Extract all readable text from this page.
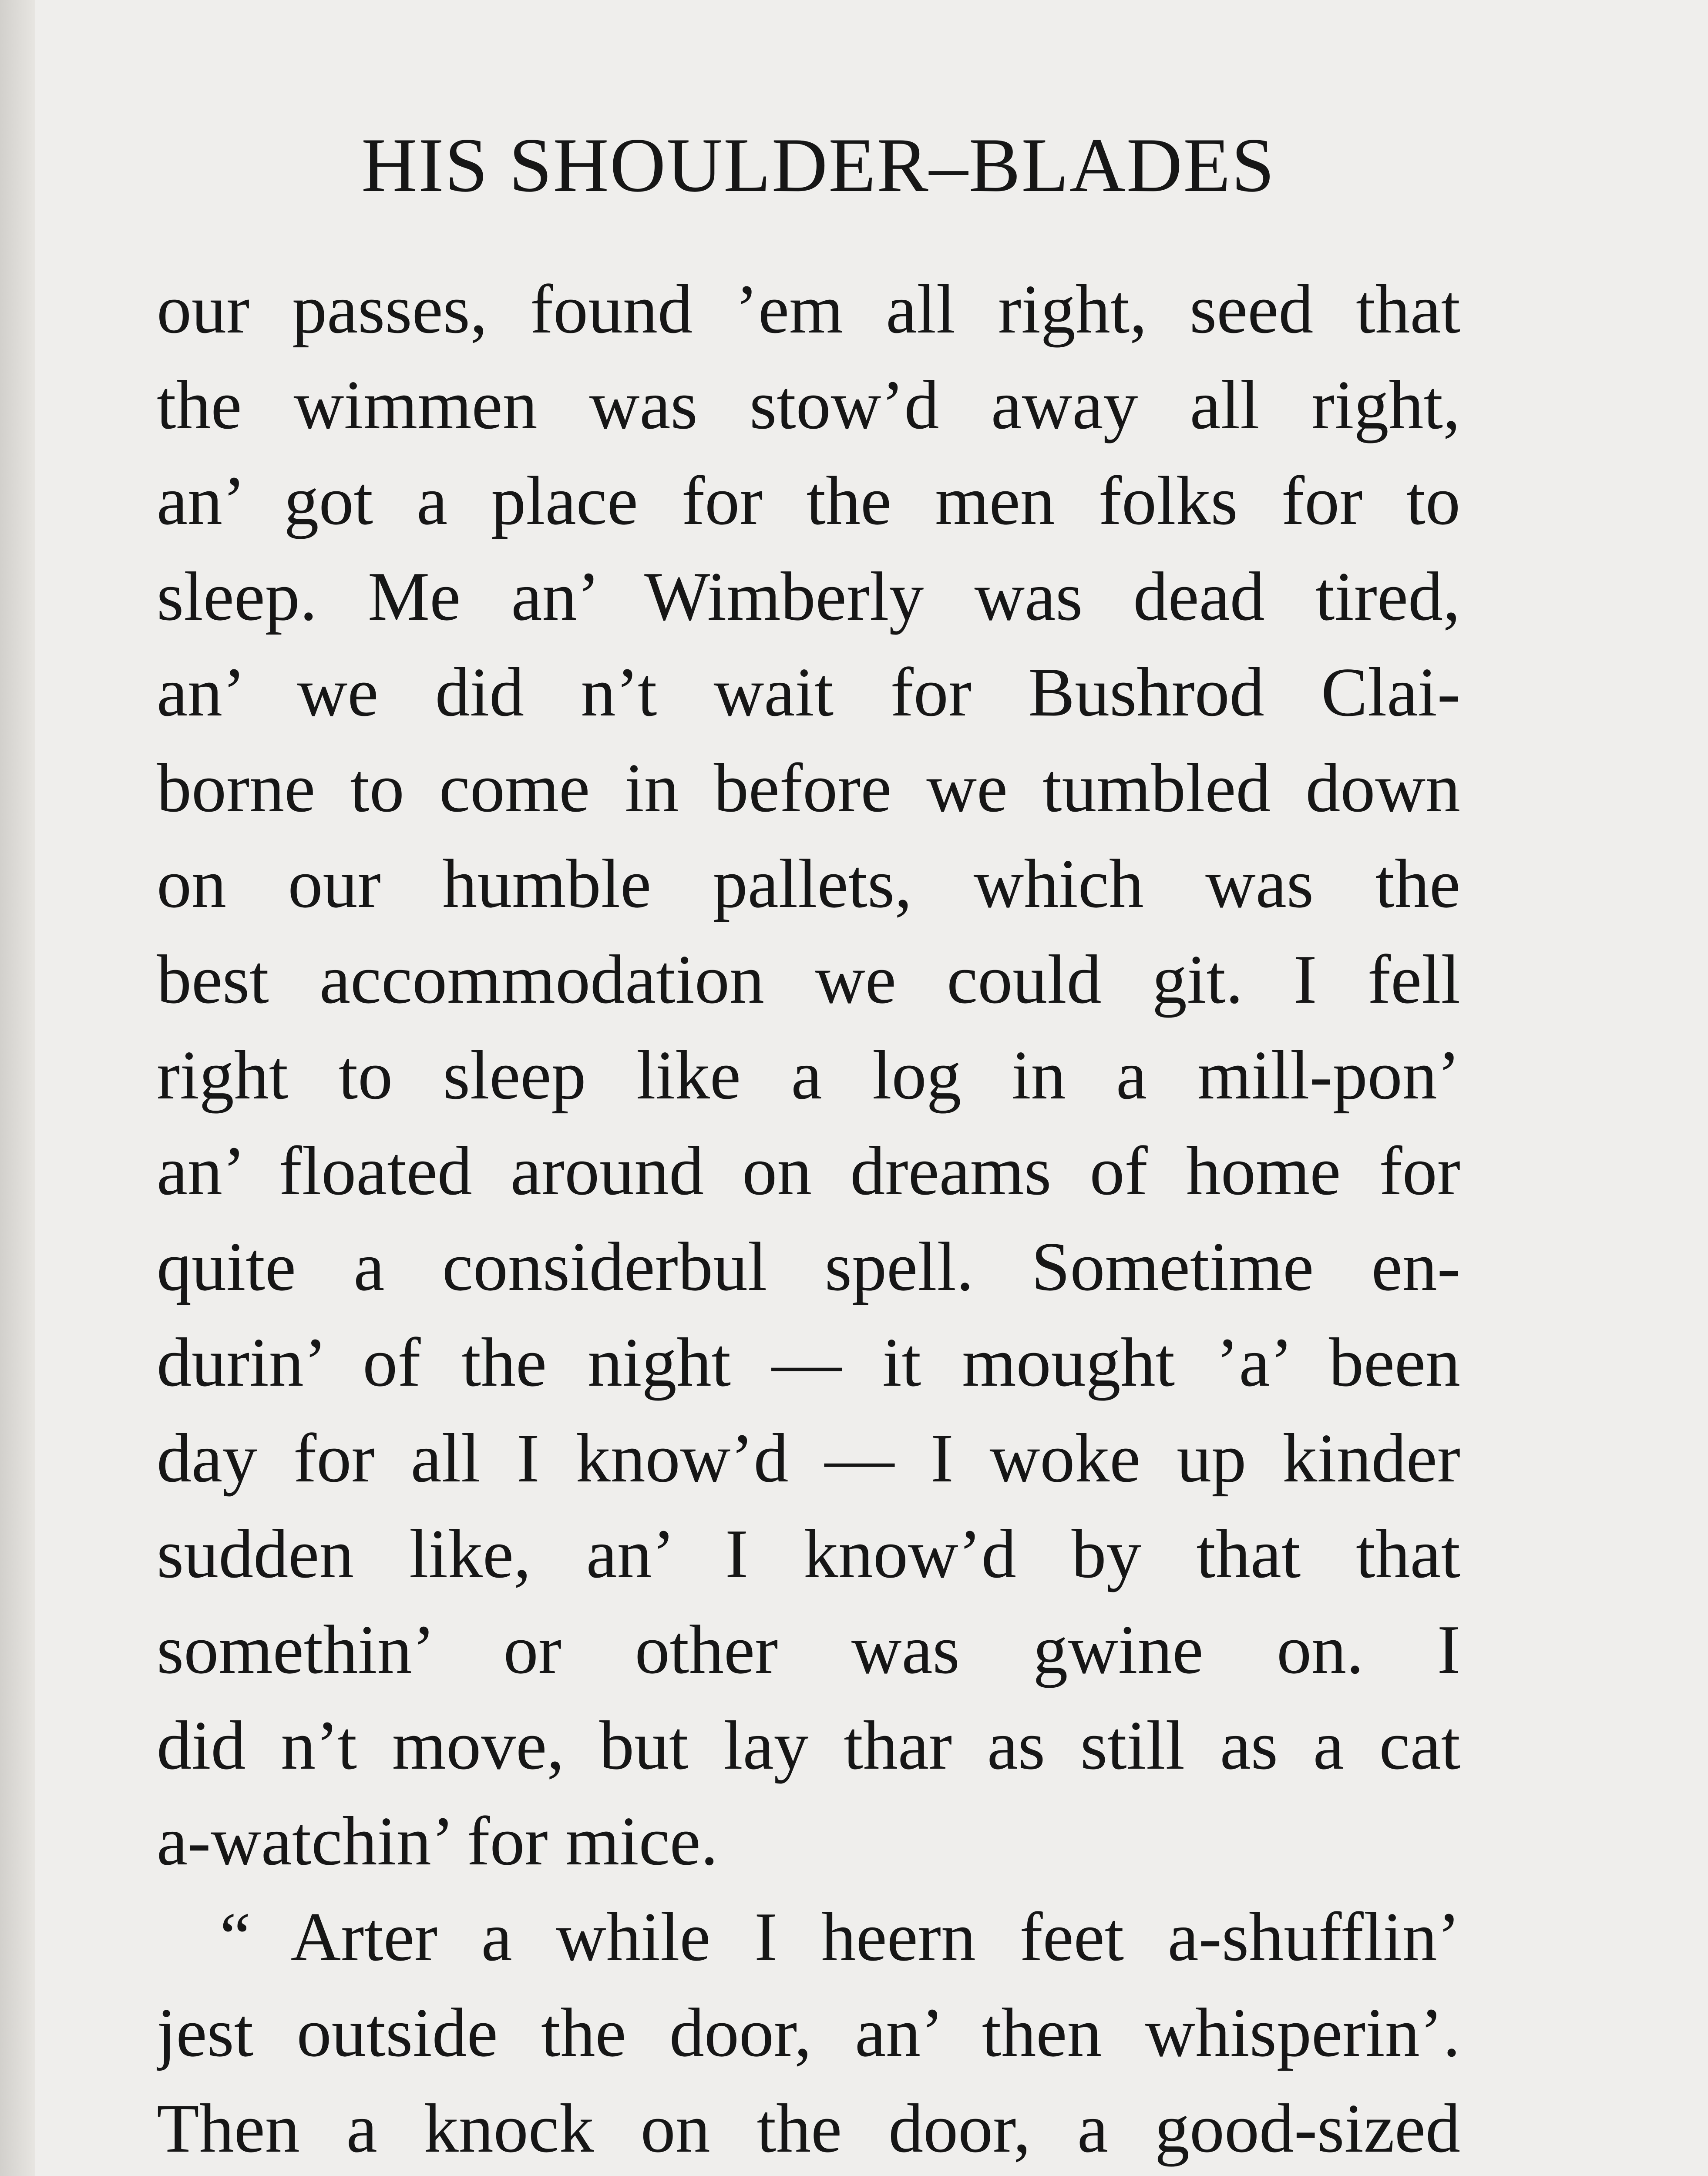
HIS SHOULDER–BLADES
our passes, found ’em all right, seed that
the wimmen was stow’d away all right,
an’ got a place for the men folks for to
sleep. Me an’ Wimberly was dead tired,
an’ we did n’t wait for Bushrod Clai-
borne to come in before we tumbled down
on our humble pallets, which was the
best accommodation we could git. I fell
right to sleep like a log in a mill-pon’
an’ floated around on dreams of home for
quite a considerbul spell. Sometime en-
durin’ of the night — it mought ’a’ been
day for all I know’d — I woke up kinder
sudden like, an’ I know’d by that that
somethin’ or other was gwine on. I
did n’t move, but lay thar as still as a cat
a-watchin’ for mice.
“ Arter a while I heern feet a-shufflin’
jest outside the door, an’ then whisperin’.
Then a knock on the door, a good-sized
